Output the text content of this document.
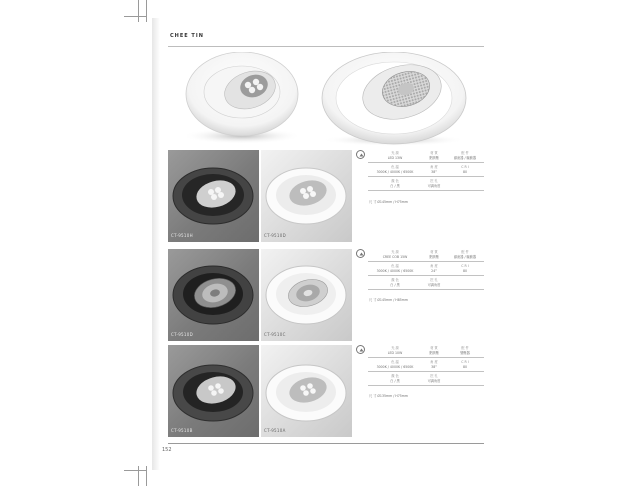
CHEE TIN
CT-9510H	CT-9510D
光 源	材 質	配 件
LED 13W	鋁擠壓	鎮流器 / 驅動器
色 溫	角 度	C R I
3000K / 4000K / 6500K	38°	80
顏 色	挖 孔
白 / 黑	可調角度
尺 寸 Ø145mm / H75mm
CT-9510D	CT-9510C
光 源	材 質	配 件
CREE COB 15W	鋁擠壓	鎮流器 / 驅動器
色 溫	角 度	C R I
3000K / 4000K / 6500K	24°	80
顏 色	挖 孔
白 / 黑	可調角度
尺 寸 Ø145mm / H85mm
CT-9510B	CT-9510A
光 源	材 質	配 件
LED 10W	鋁擠壓	變壓器
色 溫	角 度	C R I
3000K / 4000K / 6500K	38°	80
顏 色	挖 孔
白 / 黑	可調角度
尺 寸 Ø135mm / H75mm
152
